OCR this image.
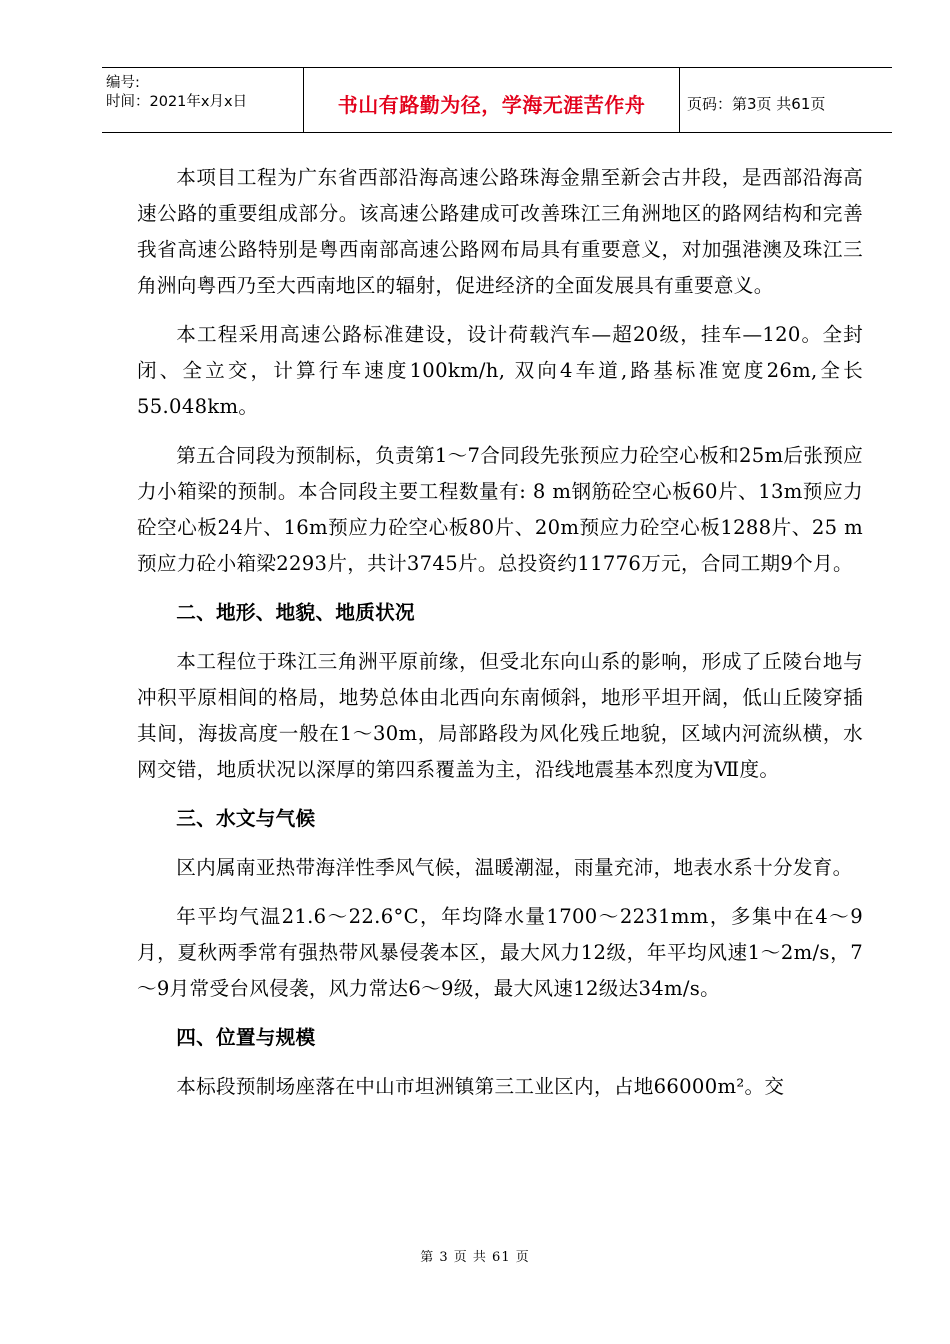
编号:
时间：2021年x月x日	书山有路勤为径，学海无涯苦作舟	页码：第3页 共61页

本项目工程为广东省西部沿海高速公路珠海金鼎至新会古井段，是西部沿海高速公路的重要组成部分。该高速公路建成可改善珠江三角洲地区的路网结构和完善我省高速公路特别是粤西南部高速公路网布局具有重要意义，对加强港澳及珠江三角洲向粤西乃至大西南地区的辐射，促进经济的全面发展具有重要意义。

本工程采用高速公路标准建设，设计荷载汽车—超20级，挂车—120。全封闭、全立交，计算行车速度100km/h, 双向4车道,路基标准宽度26m,全长55.048km。

第五合同段为预制标，负责第1～7合同段先张预应力砼空心板和25m后张预应力小箱梁的预制。本合同段主要工程数量有: 8 m钢筋砼空心板60片、13m预应力砼空心板24片、16m预应力砼空心板80片、20m预应力砼空心板1288片、25 m预应力砼小箱梁2293片，共计3745片。总投资约11776万元，合同工期9个月。

二、地形、地貌、地质状况

本工程位于珠江三角洲平原前缘，但受北东向山系的影响，形成了丘陵台地与冲积平原相间的格局，地势总体由北西向东南倾斜，地形平坦开阔，低山丘陵穿插其间，海拔高度一般在1～30m，局部路段为风化残丘地貌，区域内河流纵横，水网交错，地质状况以深厚的第四系覆盖为主，沿线地震基本烈度为Ⅶ度。

三、水文与气候

区内属南亚热带海洋性季风气候，温暖潮湿，雨量充沛，地表水系十分发育。

年平均气温21.6～22.6°C，年均降水量1700～2231mm，多集中在4～9月，夏秋两季常有强热带风暴侵袭本区，最大风力12级，年平均风速1～2m/s，7～9月常受台风侵袭，风力常达6～9级，最大风速12级达34m/s。

四、位置与规模

本标段预制场座落在中山市坦洲镇第三工业区内，占地66000m²。交

第 3 页 共 61 页
